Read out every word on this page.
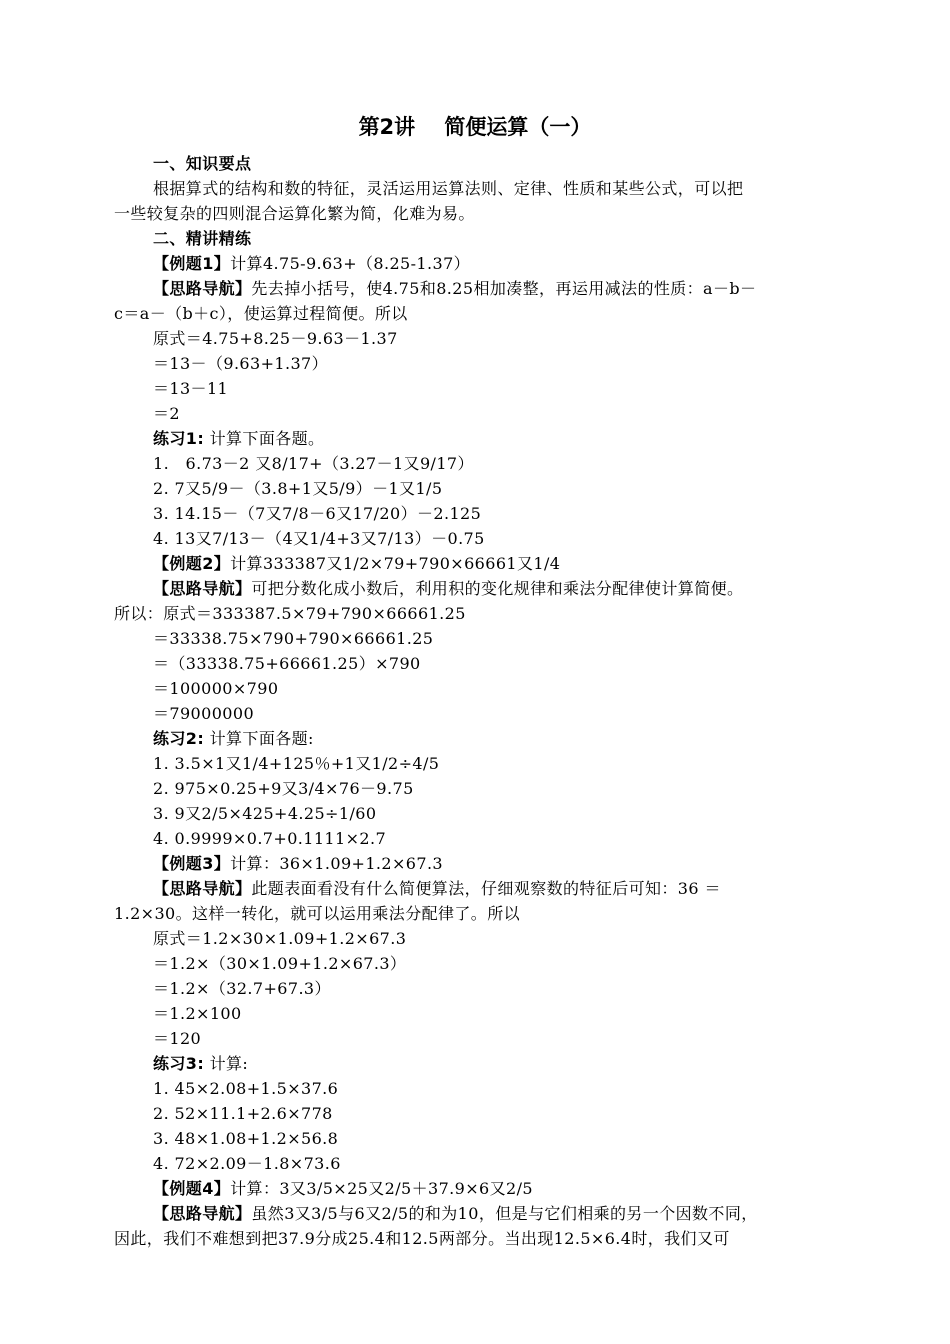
第2讲    简便运算（一）
一、知识要点
根据算式的结构和数的特征，灵活运用运算法则、定律、性质和某些公式，可以把
一些较复杂的四则混合运算化繁为简，化难为易。
二、精讲精练
【例题1】计算4.75-9.63+（8.25-1.37）
【思路导航】先去掉小括号，使4.75和8.25相加凑整，再运用减法的性质：a－b－
c＝a－（b＋c），使运算过程简便。所以
原式＝4.75+8.25－9.63－1.37
＝13－（9.63+1.37）
＝13－11
＝2
练习1: 计算下面各题。
1.   6.73－2 又8/17+（3.27－1又9/17）
2. 7又5/9－（3.8+1又5/9）－1又1/5
3. 14.15－（7又7/8－6又17/20）－2.125
4. 13又7/13－（4又1/4+3又7/13）－0.75
【例题2】计算333387又1/2×79+790×66661又1/4
【思路导航】可把分数化成小数后，利用积的变化规律和乘法分配律使计算简便。
所以：原式＝333387.5×79+790×66661.25
＝33338.75×790+790×66661.25
＝（33338.75+66661.25）×790
＝100000×790
＝79000000
练习2: 计算下面各题:
1. 3.5×1又1/4+125％+1又1/2÷4/5
2. 975×0.25+9又3/4×76－9.75
3. 9又2/5×425+4.25÷1/60
4. 0.9999×0.7+0.1111×2.7
【例题3】计算：36×1.09+1.2×67.3
【思路导航】此题表面看没有什么简便算法，仔细观察数的特征后可知：36 ＝
1.2×30。这样一转化，就可以运用乘法分配律了。所以
原式＝1.2×30×1.09+1.2×67.3
＝1.2×（30×1.09+1.2×67.3）
＝1.2×（32.7+67.3）
＝1.2×100
＝120
练习3: 计算:
1. 45×2.08+1.5×37.6
2. 52×11.1+2.6×778
3. 48×1.08+1.2×56.8
4. 72×2.09－1.8×73.6
【例题4】计算：3又3/5×25又2/5＋37.9×6又2/5
【思路导航】虽然3又3/5与6又2/5的和为10，但是与它们相乘的另一个因数不同，
因此，我们不难想到把37.9分成25.4和12.5两部分。当出现12.5×6.4时，我们又可
